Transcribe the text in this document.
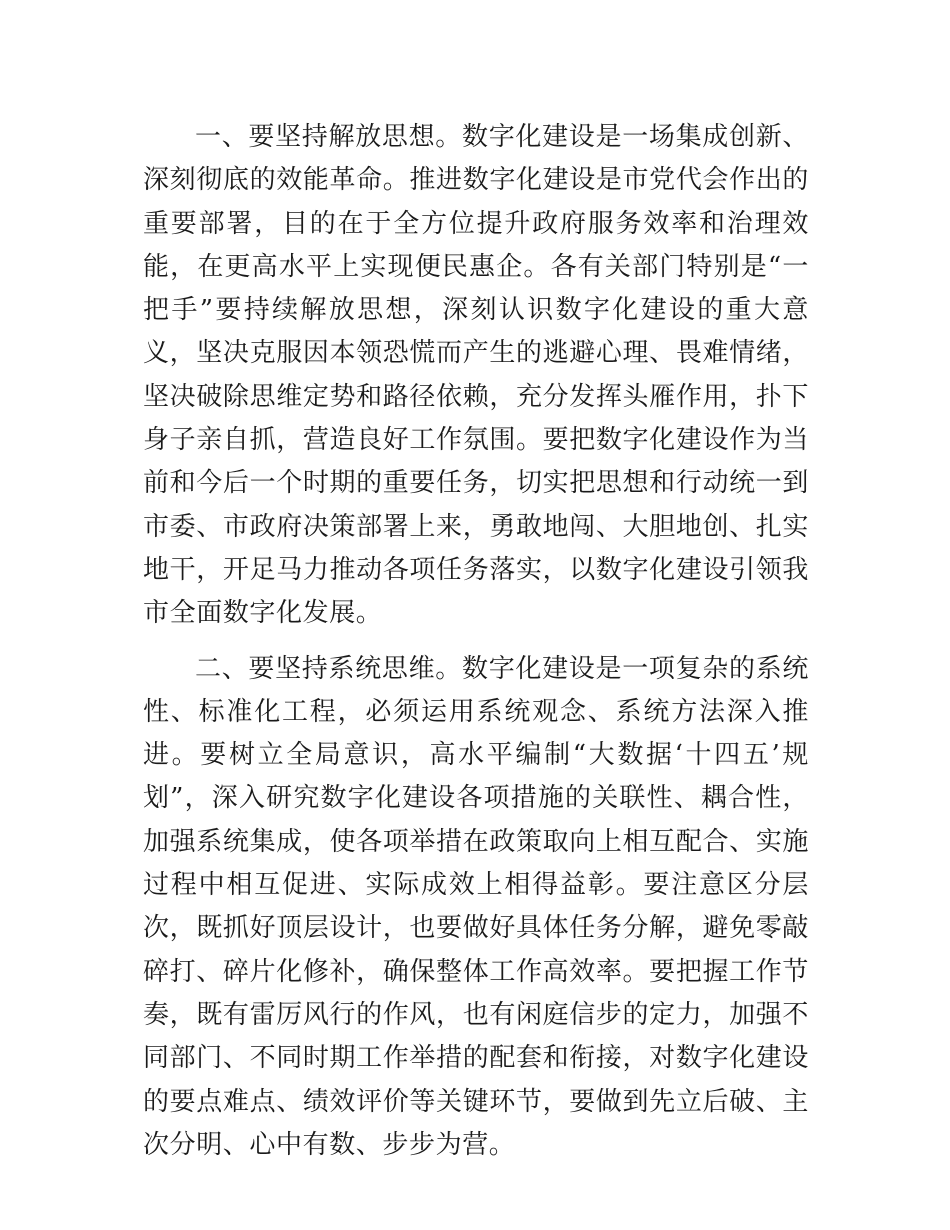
一、要坚持解放思想。数字化建设是一场集成创新、深刻彻底的效能革命。推进数字化建设是市党代会作出的重要部署，目的在于全方位提升政府服务效率和治理效能，在更高水平上实现便民惠企。各有关部门特别是“一把手”要持续解放思想，深刻认识数字化建设的重大意义，坚决克服因本领恐慌而产生的逃避心理、畏难情绪，坚决破除思维定势和路径依赖，充分发挥头雁作用，扑下身子亲自抓，营造良好工作氛围。要把数字化建设作为当前和今后一个时期的重要任务，切实把思想和行动统一到市委、市政府决策部署上来，勇敢地闯、大胆地创、扎实地干，开足马力推动各项任务落实，以数字化建设引领我市全面数字化发展。

二、要坚持系统思维。数字化建设是一项复杂的系统性、标准化工程，必须运用系统观念、系统方法深入推进。要树立全局意识，高水平编制“大数据‘十四五’规划”，深入研究数字化建设各项措施的关联性、耦合性，加强系统集成，使各项举措在政策取向上相互配合、实施过程中相互促进、实际成效上相得益彰。要注意区分层次，既抓好顶层设计，也要做好具体任务分解，避免零敲碎打、碎片化修补，确保整体工作高效率。要把握工作节奏，既有雷厉风行的作风，也有闲庭信步的定力，加强不同部门、不同时期工作举措的配套和衔接，对数字化建设的要点难点、绩效评价等关键环节，要做到先立后破、主次分明、心中有数、步步为营。
